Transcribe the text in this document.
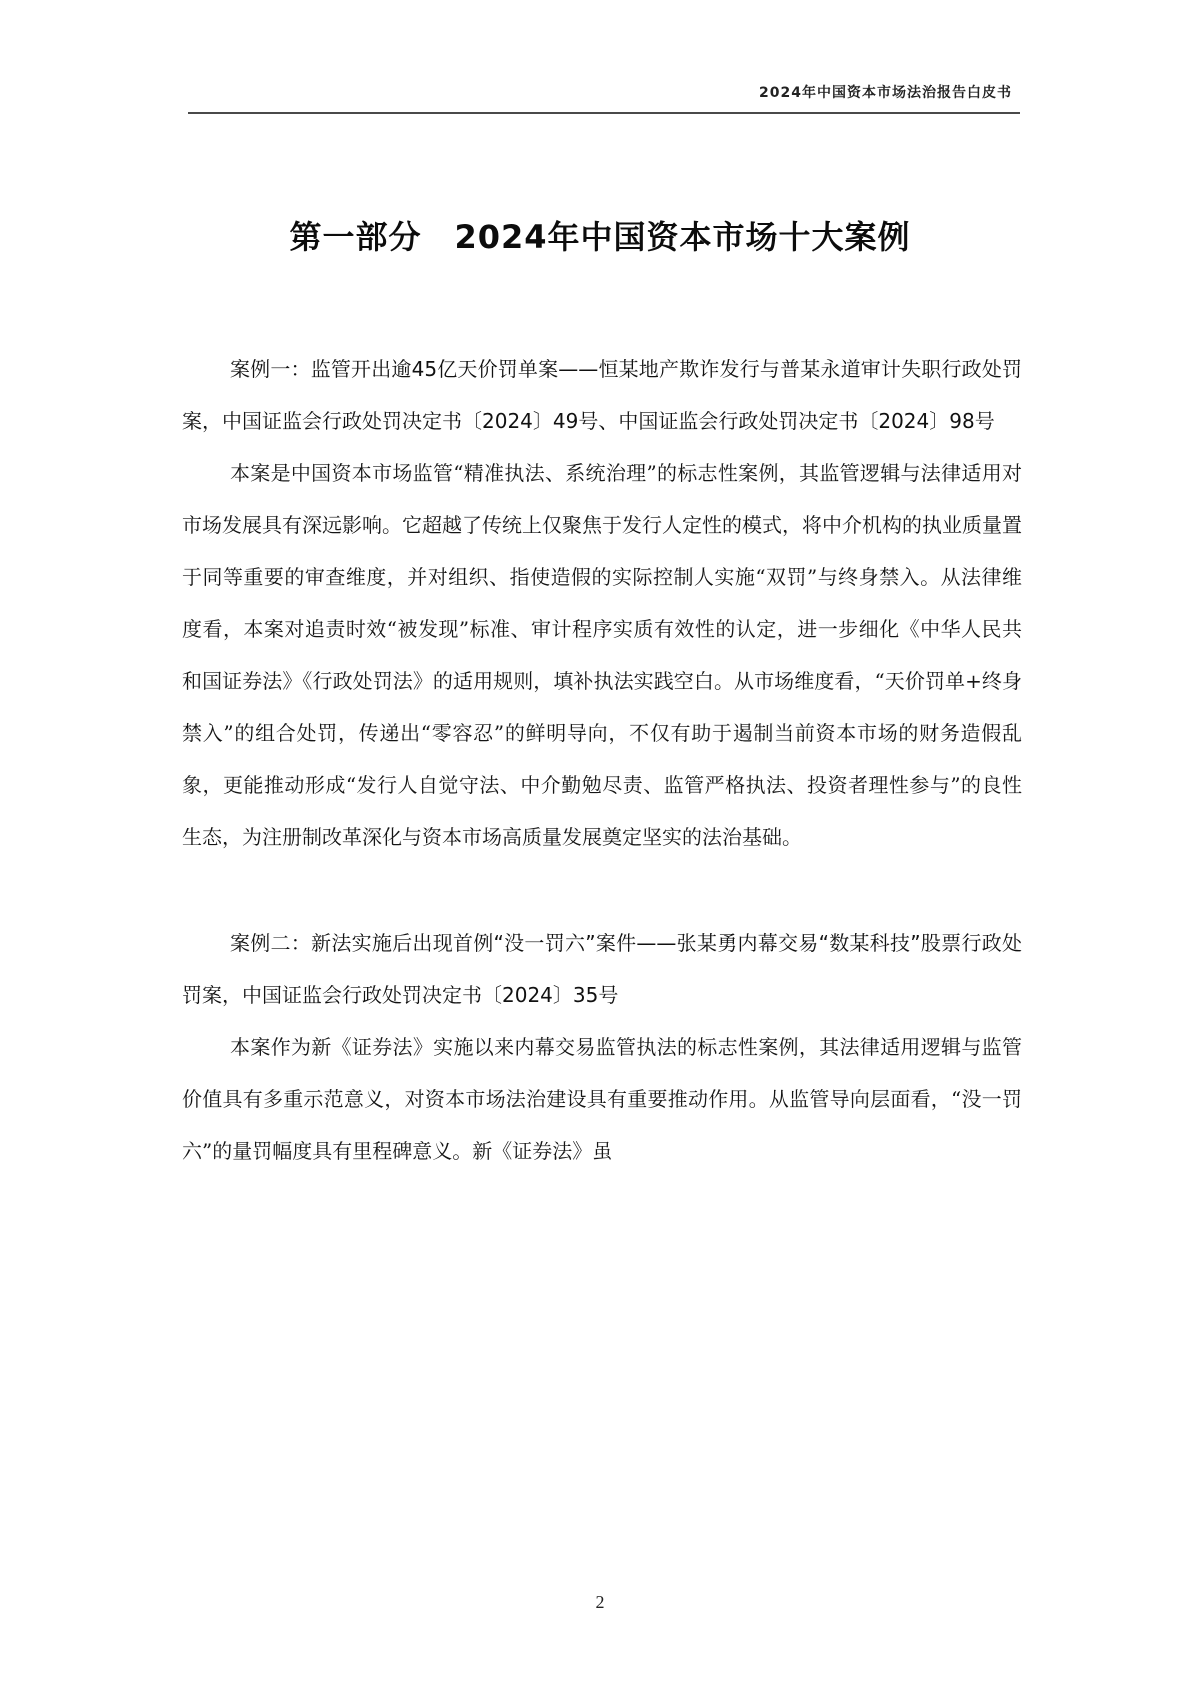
2024年中国资本市场法治报告白皮书
第一部分　2024年中国资本市场十大案例

案例一：监管开出逾45亿天价罚单案——恒某地产欺诈发行与普某永道审计失职行政处罚案，中国证监会行政处罚决定书〔2024〕49号、中国证监会行政处罚决定书〔2024〕98号

本案是中国资本市场监管“精准执法、系统治理”的标志性案例，其监管逻辑与法律适用对市场发展具有深远影响。它超越了传统上仅聚焦于发行人定性的模式，将中介机构的执业质量置于同等重要的审查维度，并对组织、指使造假的实际控制人实施“双罚”与终身禁入。从法律维度看，本案对追责时效“被发现”标准、审计程序实质有效性的认定，进一步细化《中华人民共和国证券法》《行政处罚法》的适用规则，填补执法实践空白。从市场维度看，“天价罚单+终身禁入”的组合处罚，传递出“零容忍”的鲜明导向，不仅有助于遏制当前资本市场的财务造假乱象，更能推动形成“发行人自觉守法、中介勤勉尽责、监管严格执法、投资者理性参与”的良性生态，为注册制改革深化与资本市场高质量发展奠定坚实的法治基础。

案例二：新法实施后出现首例“没一罚六”案件——张某勇内幕交易“数某科技”股票行政处罚案，中国证监会行政处罚决定书〔2024〕35号

本案作为新《证券法》实施以来内幕交易监管执法的标志性案例，其法律适用逻辑与监管价值具有多重示范意义，对资本市场法治建设具有重要推动作用。从监管导向层面看，“没一罚六”的量罚幅度具有里程碑意义。新《证券法》虽

2
